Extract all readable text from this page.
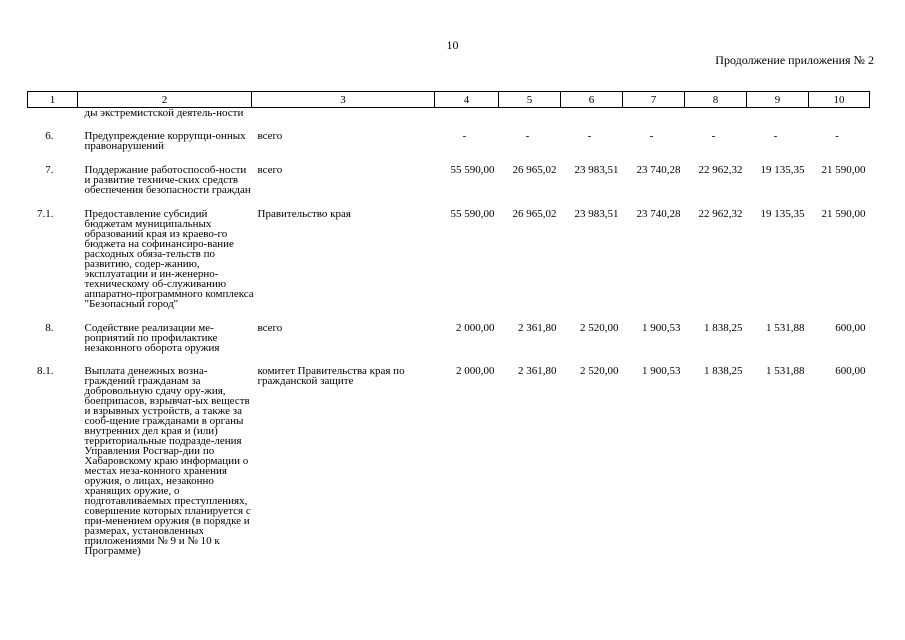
10
Продолжение приложения № 2
1	2	3	4	5	6	7	8	9	10

	ды экстремистской деятель-ности								

6.	Предупреждение коррупци-онных правонарушений	всего	-	-	-	-	-	-	-
7.	Поддержание работоспособ-ности и развитие техниче-ских средств обеспечения безопасности граждан	всего	55 590,00	26 965,02	23 983,51	23 740,28	22 962,32	19 135,35	21 590,00
7.1.	Предоставление субсидий бюджетам муниципальных образований края из краево-го бюджета на софинансиро-вание расходных обяза-тельств по развитию, содер-жанию, эксплуатации и ин-женерно-техническому об-служиванию аппаратно-программного комплекса "Безопасный город"	Правительство края	55 590,00	26 965,02	23 983,51	23 740,28	22 962,32	19 135,35	21 590,00
8.	Содействие реализации ме-роприятий по профилактике незаконного оборота оружия	всего	2 000,00	2 361,80	2 520,00	1 900,53	1 838,25	1 531,88	600,00
8.1.	Выплата денежных возна-граждений гражданам за добровольную сдачу ору-жия, боеприпасов, взрывчат-ых веществ и взрывных устройств, а также за сооб-щение гражданами в органы внутренних дел края и (или) территориальные подразде-ления Управления Росгвар-дии по Хабаровскому краю информации о местах неза-конного хранения оружия, о лицах, незаконно хранящих оружие, о подготавливаемых преступлениях, совершение которых планируется с при-менением оружия (в порядке и размерах, установленных приложениями № 9 и № 10 к Программе)	комитет Правительства края по гражданской защите	2 000,00	2 361,80	2 520,00	1 900,53	1 838,25	1 531,88	600,00
